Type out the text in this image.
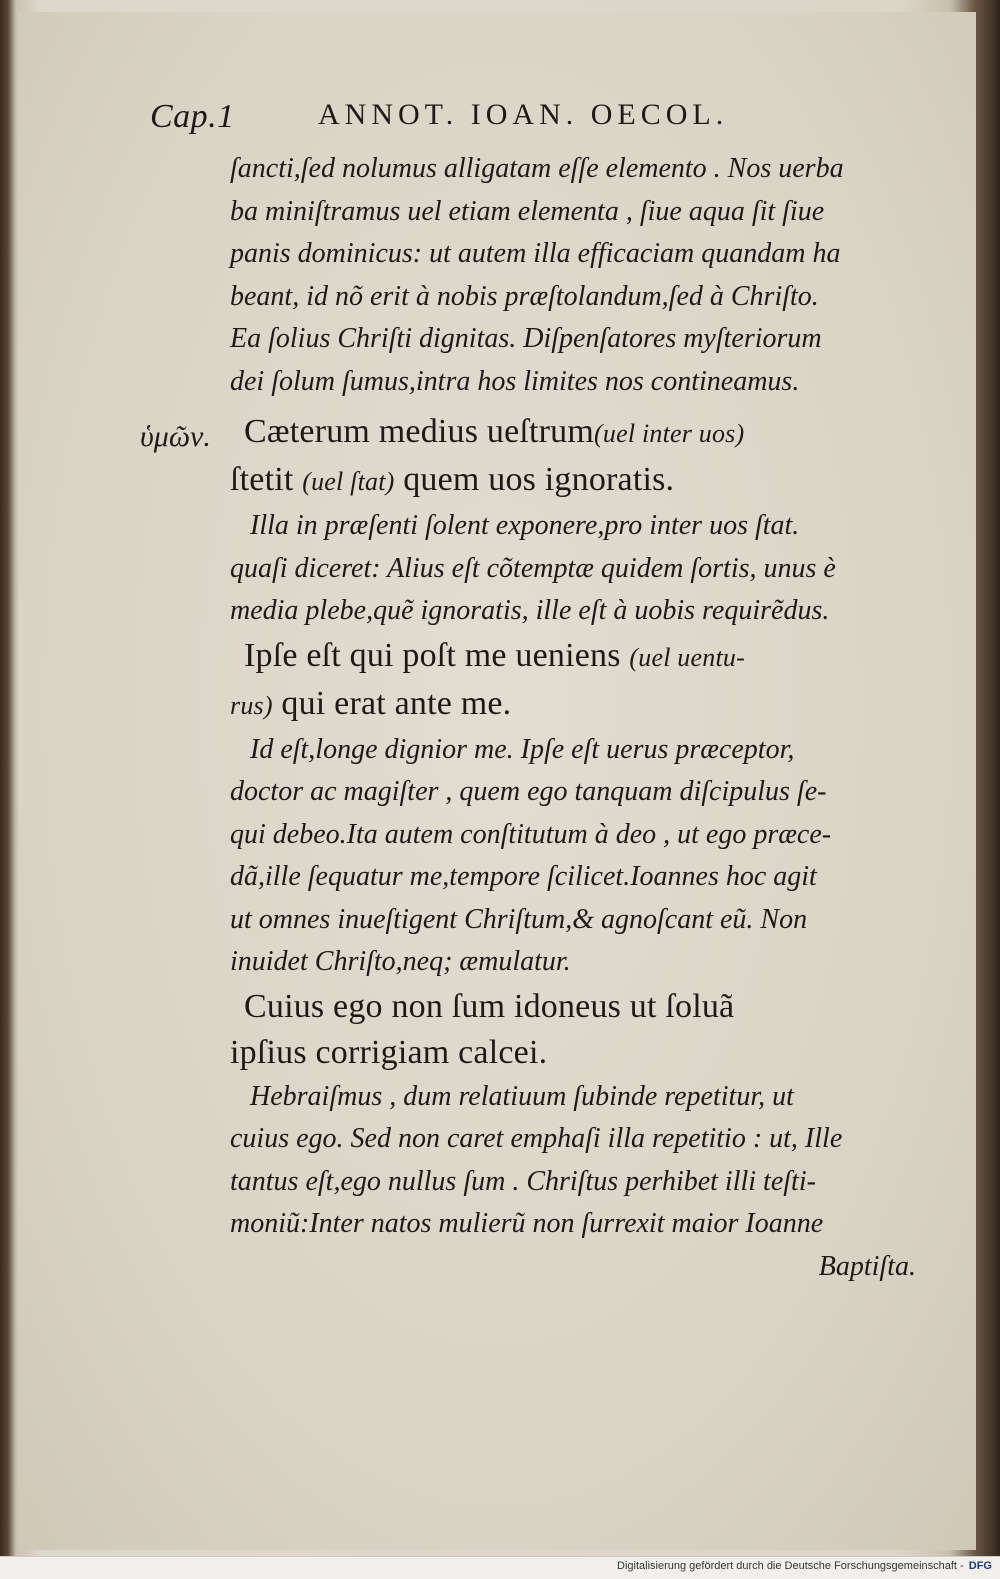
Cap.1	ANNOT. IOAN. OECOL.
ὑμῶν.
ſancti,ſed nolumus alligatam eſſe elemento . Nos uerba
ba miniſtramus uel etiam elementa , ſiue aqua ſit ſiue
panis dominicus: ut autem illa efficaciam quandam ha
beant, id nõ erit à nobis præſtolandum,ſed à Chriſto.
Ea ſolius Chriſti dignitas. Diſpenſatores myſteriorum
dei ſolum ſumus,intra hos limites nos contineamus.
Cæterum medius ueſtrum(uel inter uos)
ſtetit (uel ſtat) quem uos ignoratis.
Illa in præſenti ſolent exponere,pro inter uos ſtat.
quaſi diceret: Alius eſt cõtemptæ quidem ſortis, unus è
media plebe,quẽ ignoratis, ille eſt à uobis requirẽdus.
Ipſe eſt qui poſt me ueniens (uel uentu-
rus) qui erat ante me.
Id eſt,longe dignior me. Ipſe eſt uerus præceptor,
doctor ac magiſter , quem ego tanquam diſcipulus ſe-
qui debeo.Ita autem conſtitutum à deo , ut ego præce-
dã,ille ſequatur me,tempore ſcilicet.Ioannes hoc agit
ut omnes inueſtigent Chriſtum,& agnoſcant eũ. Non
inuidet Chriſto,neq; æmulatur.
Cuius ego non ſum idoneus ut ſoluã
ipſius corrigiam calcei.
Hebraiſmus , dum relatiuum ſubinde repetitur, ut
cuius ego. Sed non caret emphaſi illa repetitio : ut, Ille
tantus eſt,ego nullus ſum . Chriſtus perhibet illi teſti-
moniũ:Inter natos mulierũ non ſurrexit maior Ioanne
Baptiſta.
Digitalisierung gefördert durch die Deutsche Forschungsgemeinschaft - DFG
